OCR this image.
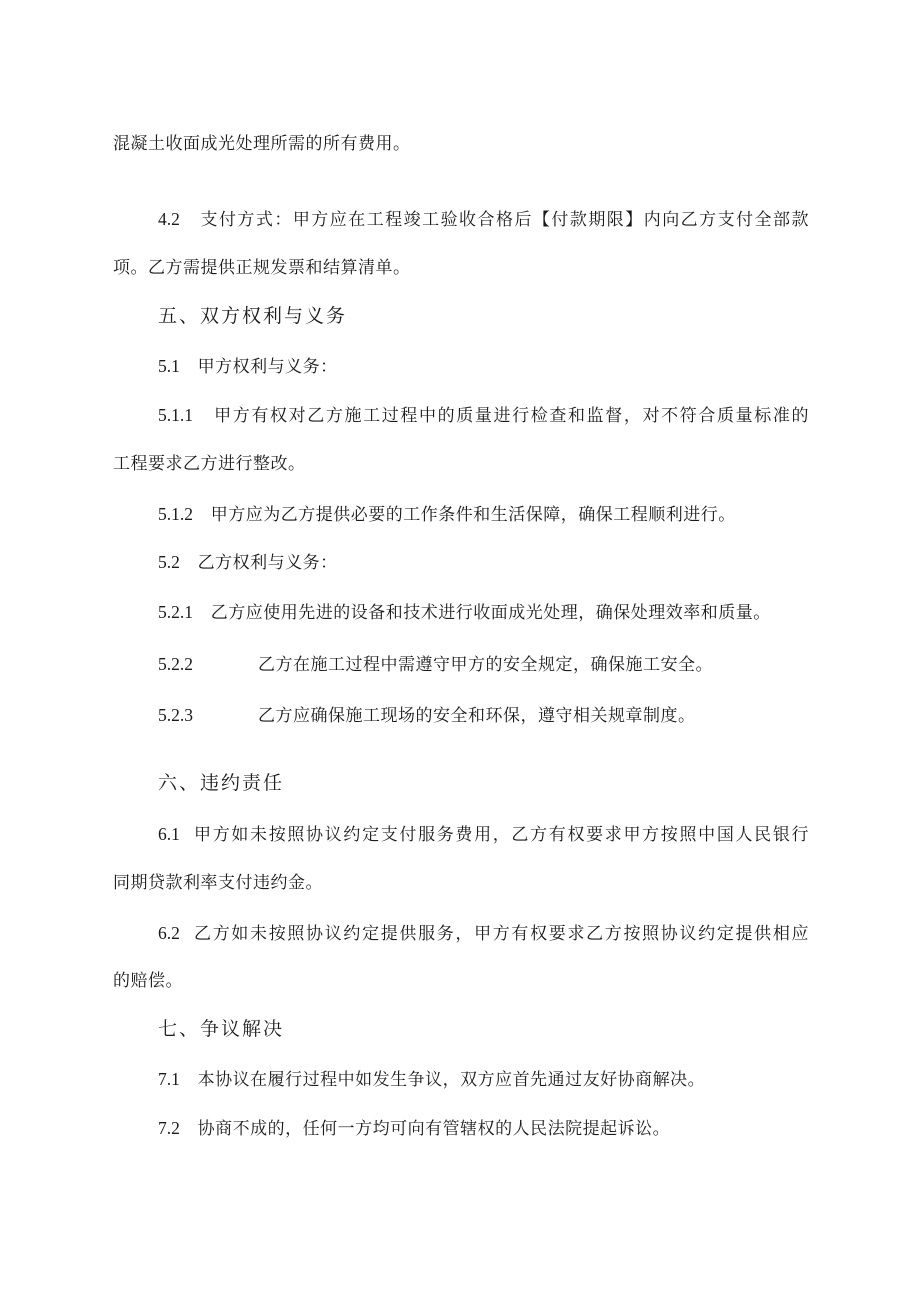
混凝土收面成光处理所需的所有费用。
4.2 支付方式：甲方应在工程竣工验收合格后【付款期限】内向乙方支付全部款
项。乙方需提供正规发票和结算清单。
五、双方权利与义务
5.1 甲方权利与义务：
5.1.1 甲方有权对乙方施工过程中的质量进行检查和监督，对不符合质量标准的
工程要求乙方进行整改。
5.1.2 甲方应为乙方提供必要的工作条件和生活保障，确保工程顺利进行。
5.2 乙方权利与义务：
5.2.1 乙方应使用先进的设备和技术进行收面成光处理，确保处理效率和质量。
5.2.2	乙方在施工过程中需遵守甲方的安全规定，确保施工安全。
5.2.3	乙方应确保施工现场的安全和环保，遵守相关规章制度。
六、违约责任
6.1 甲方如未按照协议约定支付服务费用，乙方有权要求甲方按照中国人民银行
同期贷款利率支付违约金。
6.2 乙方如未按照协议约定提供服务，甲方有权要求乙方按照协议约定提供相应
的赔偿。
七、争议解决
7.1 本协议在履行过程中如发生争议，双方应首先通过友好协商解决。
7.2 协商不成的，任何一方均可向有管辖权的人民法院提起诉讼。
